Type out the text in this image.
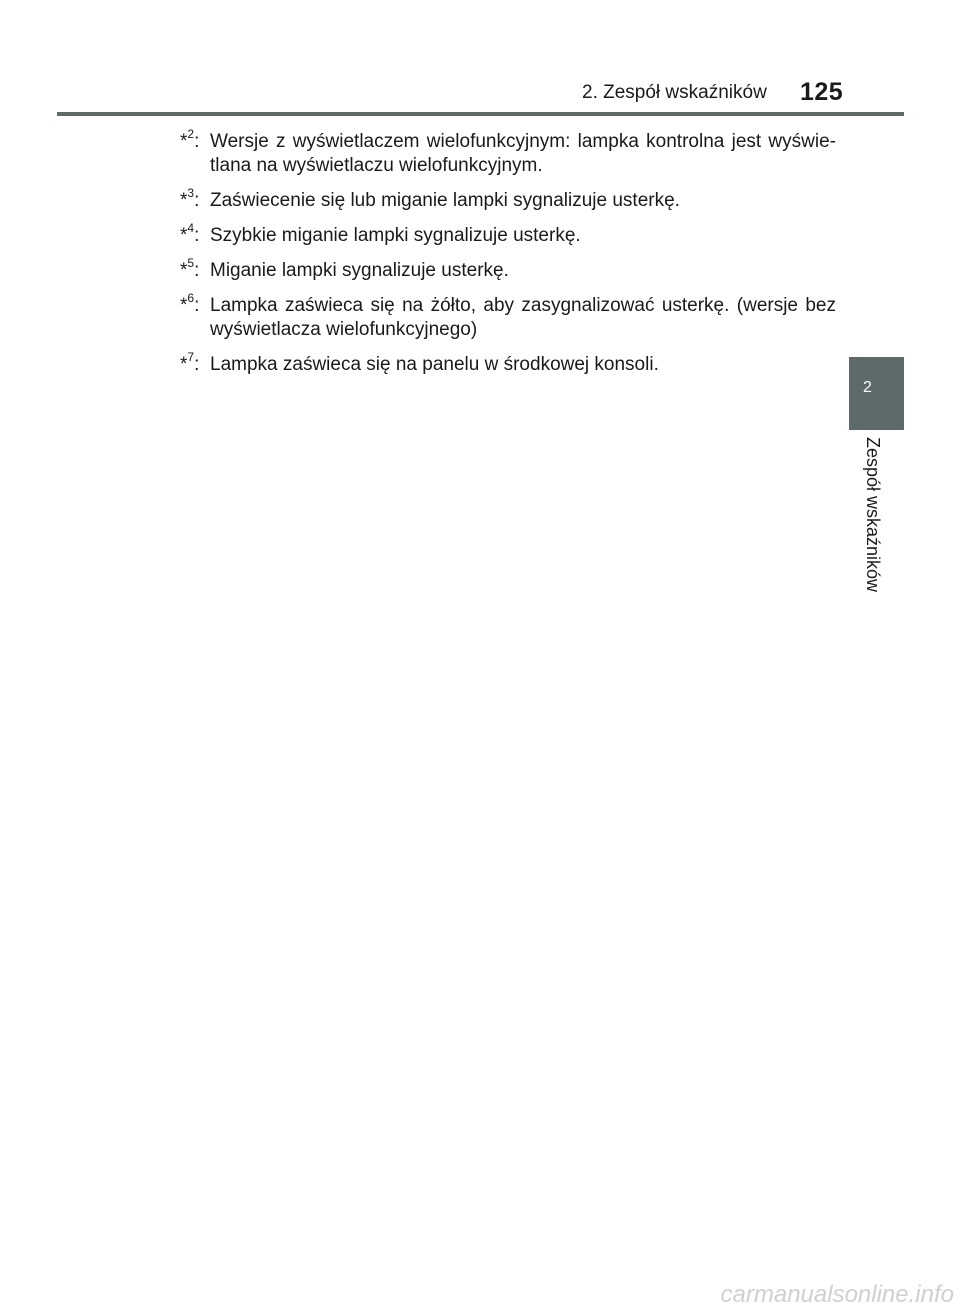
2. Zespół wskaźników 125
*$^2$: Wersje z wyświetlaczem wielofunkcyjnym: lampka kontrolna jest wyświe-tlana na wyświetlaczu wielofunkcyjnym.
*$^3$: Zaświecenie się lub miganie lampki sygnalizuje usterkę.
*$^4$: Szybkie miganie lampki sygnalizuje usterkę.
*$^5$: Miganie lampki sygnalizuje usterkę.
*$^6$: Lampka zaświeca się na żółto, aby zasygnalizować usterkę. (wersje bez wyświetlacza wielofunkcyjnego)
*$^7$: Lampka zaświeca się na panelu w środkowej konsoli.
2
Zespół wskaźników
carmanualsonline.info
